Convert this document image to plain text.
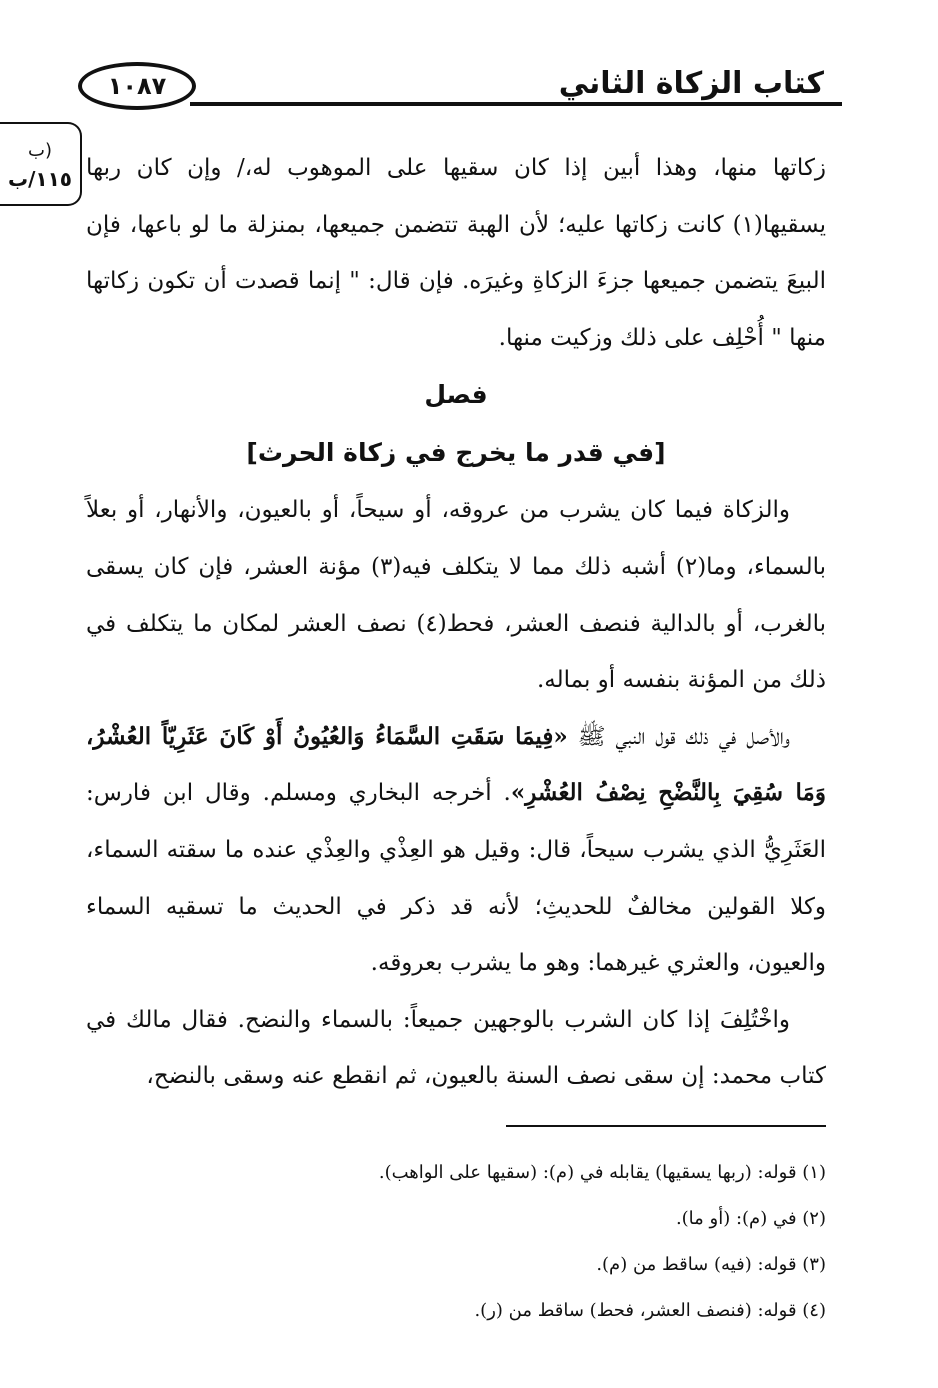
١٠٨٧	كتاب الزكاة الثاني
(ب
١١٥/ب زكاتها منها، وهذا أبين إذا كان سقيها على الموهوب له،/ وإن كان ربها يسقيها(١) كانت زكاتها عليه؛ لأن الهبة تتضمن جميعها، بمنزلة ما لو باعها، فإن البيعَ يتضمن جميعها جزءَ الزكاةِ وغيرَه. فإن قال: " إنما قصدت أن تكون زكاتها منها " أُحْلِف على ذلك وزكيت منها.

فصل
[في قدر ما يخرج في زكاة الحرث]

والزكاة فيما كان يشرب من عروقه، أو سيحاً، أو بالعيون، والأنهار، أو بعلاً بالسماء، وما(٢) أشبه ذلك مما لا يتكلف فيه(٣) مؤنة العشر، فإن كان يسقى بالغرب، أو بالدالية فنصف العشر، فحط(٤) نصف العشر لمكان ما يتكلف في ذلك من المؤنة بنفسه أو بماله.

والأصل في ذلك قول النبي ﷺ «فِيمَا سَقَتِ السَّمَاءُ وَالعُيُونُ أَوْ كَانَ عَثَرِيّاً العُشْرُ، وَمَا سُقِيَ بِالنَّضْحِ نِصْفُ العُشْرِ». أخرجه البخاري ومسلم. وقال ابن فارس: العَثَرِيُّ الذي يشرب سيحاً، قال: وقيل هو العِذْي والعِذْي عنده ما سقته السماء، وكلا القولين مخالفٌ للحديثِ؛ لأنه قد ذكر في الحديث ما تسقيه السماء والعيون، والعثري غيرهما: وهو ما يشرب بعروقه.

واخْتُلِفَ إذا كان الشرب بالوجهين جميعاً: بالسماء والنضح. فقال مالك في كتاب محمد: إن سقى نصف السنة بالعيون، ثم انقطع عنه وسقى بالنضح،

(١) قوله: (ربها يسقيها) يقابله في (م): (سقيها على الواهب).
(٢) في (م): (أو ما).
(٣) قوله: (فيه) ساقط من (م).
(٤) قوله: (فنصف العشر، فحط) ساقط من (ر).
